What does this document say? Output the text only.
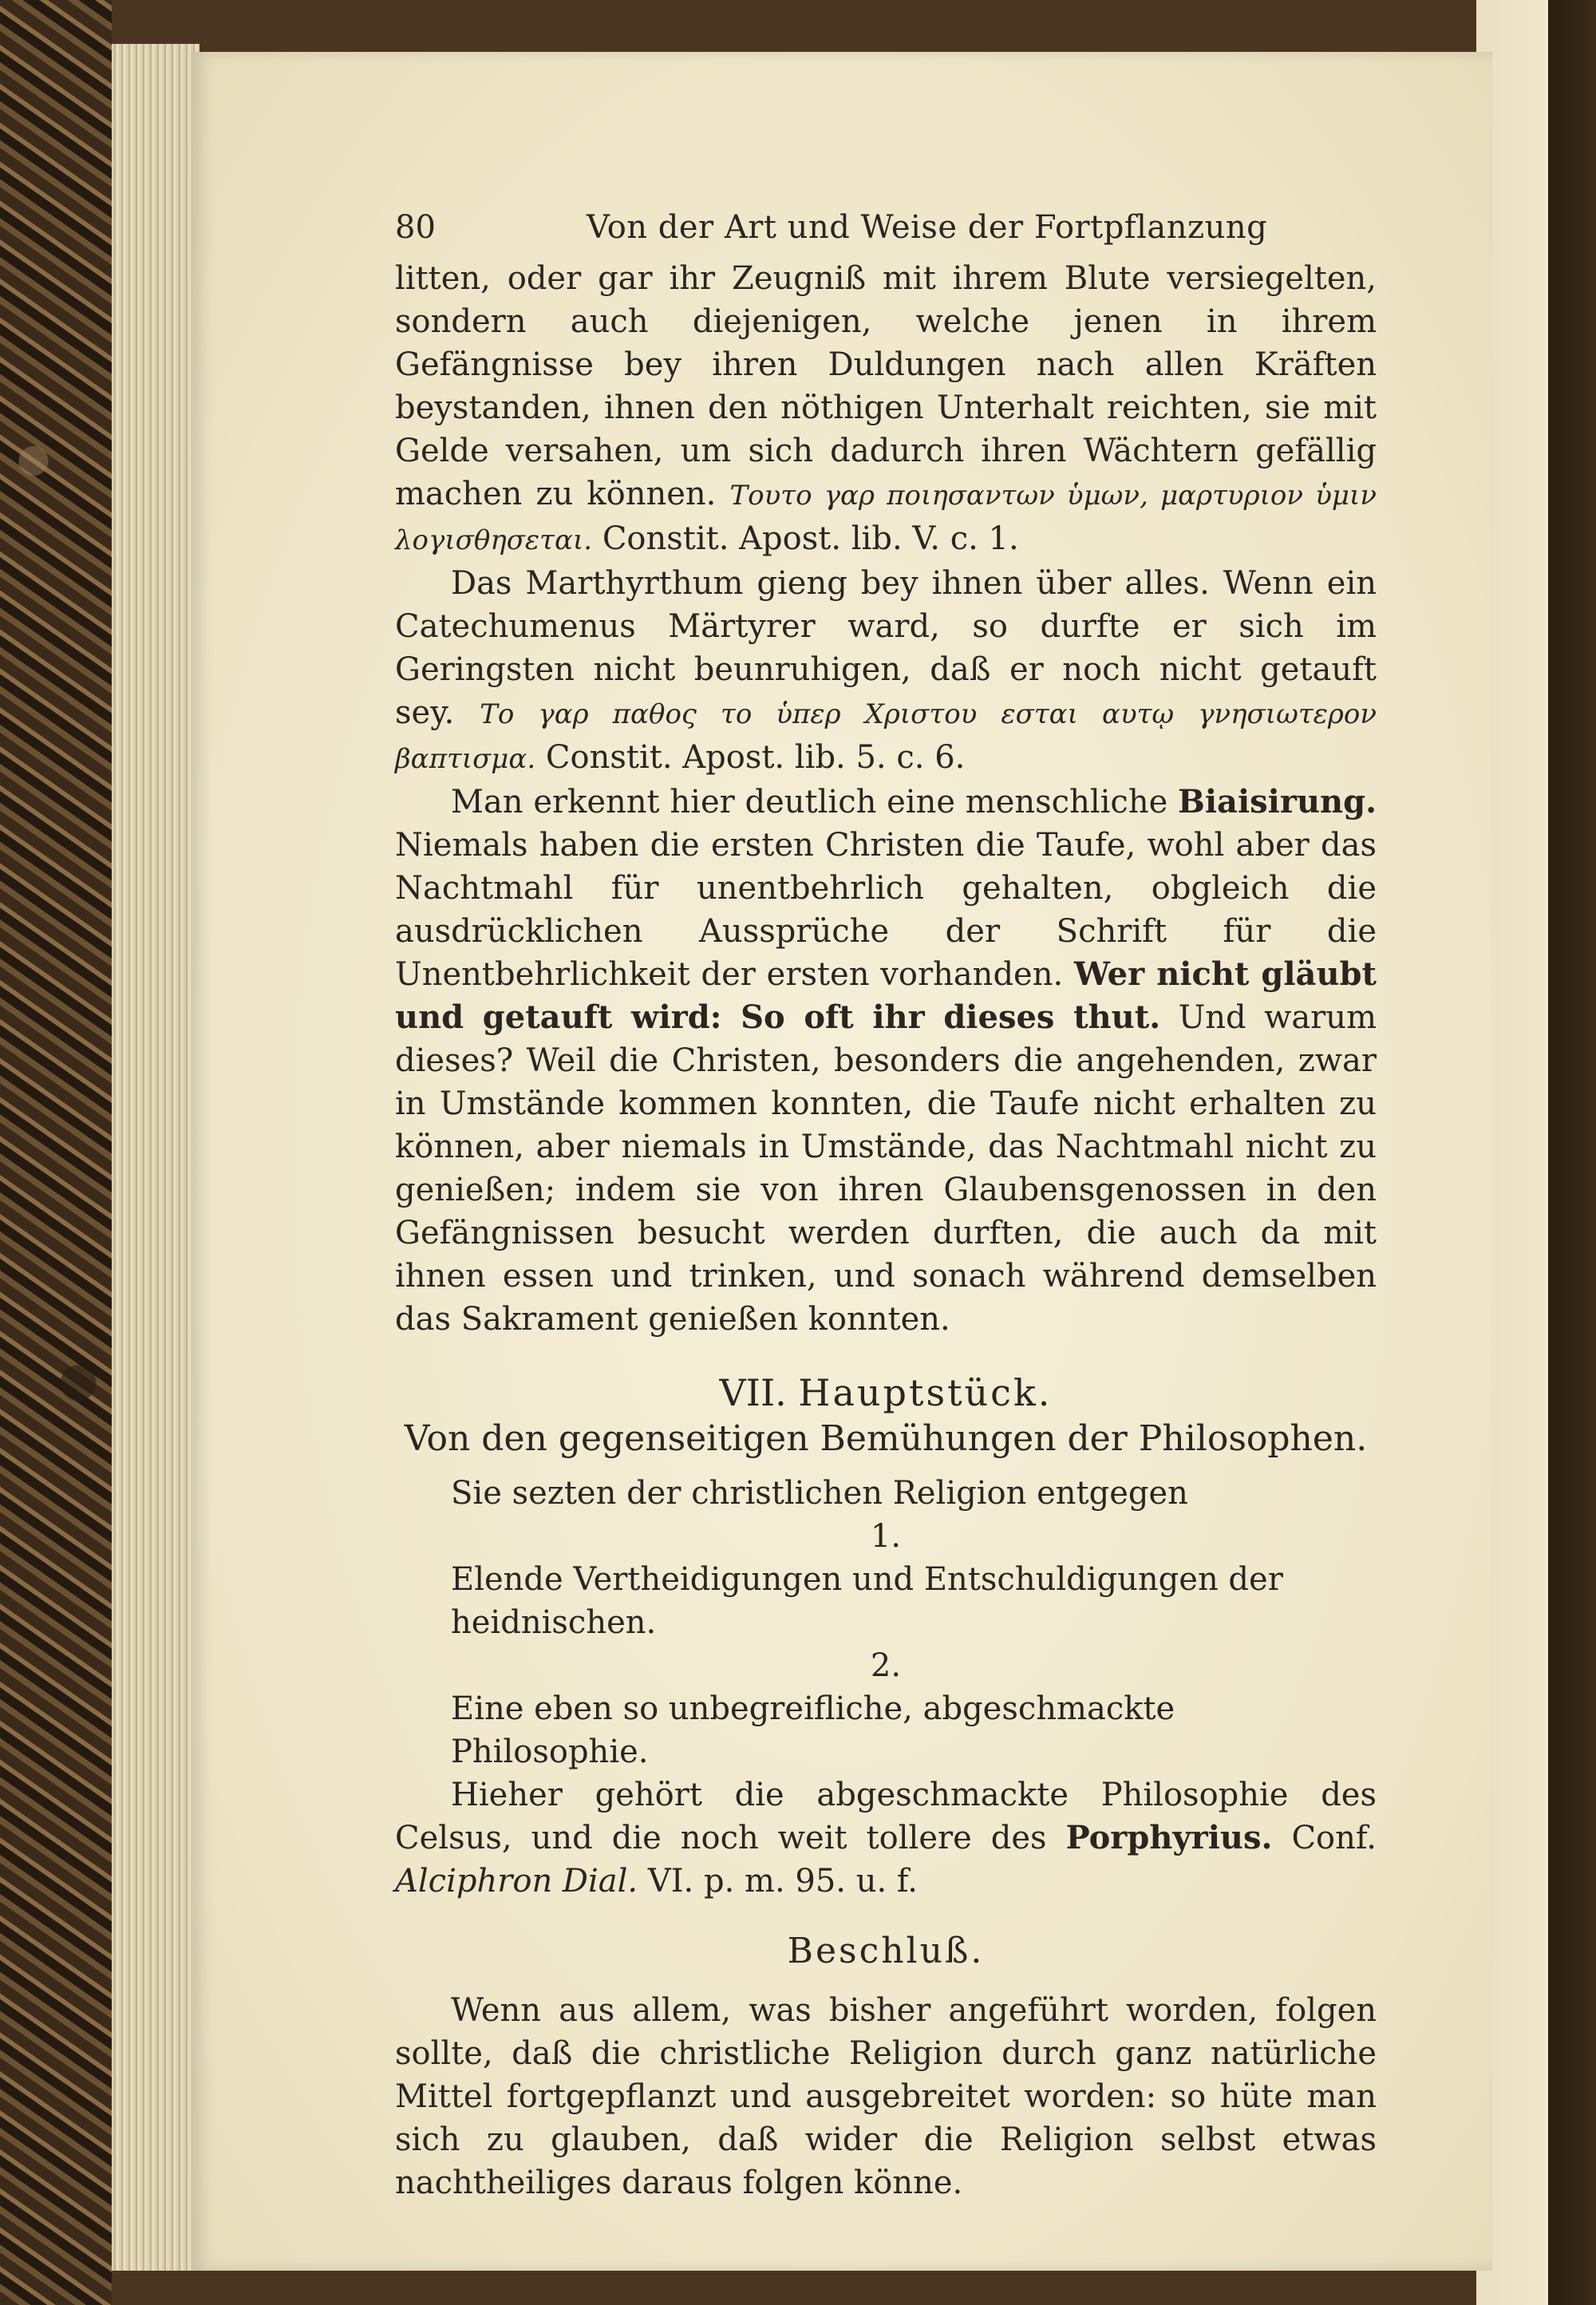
80	Von der Art und Weise der Fortpflanzung

litten, oder gar ihr Zeugniß mit ihrem Blute versiegelten, sondern auch diejenigen, welche jenen in ihrem Gefängnisse bey ihren Duldungen nach allen Kräften beystanden, ihnen den nöthigen Unterhalt reichten, sie mit Gelde versahen, um sich dadurch ihren Wächtern gefällig machen zu können. Τουτο γαρ ποιησαντων ὑμων, μαρτυριον ὑμιν λογισθησεται. Constit. Apost. lib. V. c. 1.

Das Marthyrthum gieng bey ihnen über alles. Wenn ein Catechumenus Märtyrer ward, so durfte er sich im Geringsten nicht beunruhigen, daß er noch nicht getauft sey. Το γαρ παθος το ὑπερ Χριστου εσται αυτῳ γνησιωτερον βαπτισμα. Constit. Apost. lib. 5. c. 6.

Man erkennt hier deutlich eine menschliche Biaisirung. Niemals haben die ersten Christen die Taufe, wohl aber das Nachtmahl für unentbehrlich gehalten, obgleich die ausdrücklichen Aussprüche der Schrift für die Unentbehrlichkeit der ersten vorhanden. Wer nicht gläubt und getauft wird: So oft ihr dieses thut. Und warum dieses? Weil die Christen, besonders die angehenden, zwar in Umstände kommen konnten, die Taufe nicht erhalten zu können, aber niemals in Umstände, das Nachtmahl nicht zu genießen; indem sie von ihren Glaubensgenossen in den Gefängnissen besucht werden durften, die auch da mit ihnen essen und trinken, und sonach während demselben das Sakrament genießen konnten.

VII. Hauptstück.
Von den gegenseitigen Bemühungen der Philosophen.

Sie sezten der christlichen Religion entgegen

1.

Elende Vertheidigungen und Entschuldigungen der heidnischen.

2.

Eine eben so unbegreifliche, abgeschmackte Philosophie.

Hieher gehört die abgeschmackte Philosophie des Celsus, und die noch weit tollere des Porphyrius. Conf. Alciphron Dial. VI. p. m. 95. u. f.

Beschluß.

Wenn aus allem, was bisher angeführt worden, folgen sollte, daß die christliche Religion durch ganz natürliche Mittel fortgepflanzt und ausgebreitet worden: so hüte man sich zu glauben, daß wider die Religion selbst etwas nachtheiliges daraus folgen könne.
